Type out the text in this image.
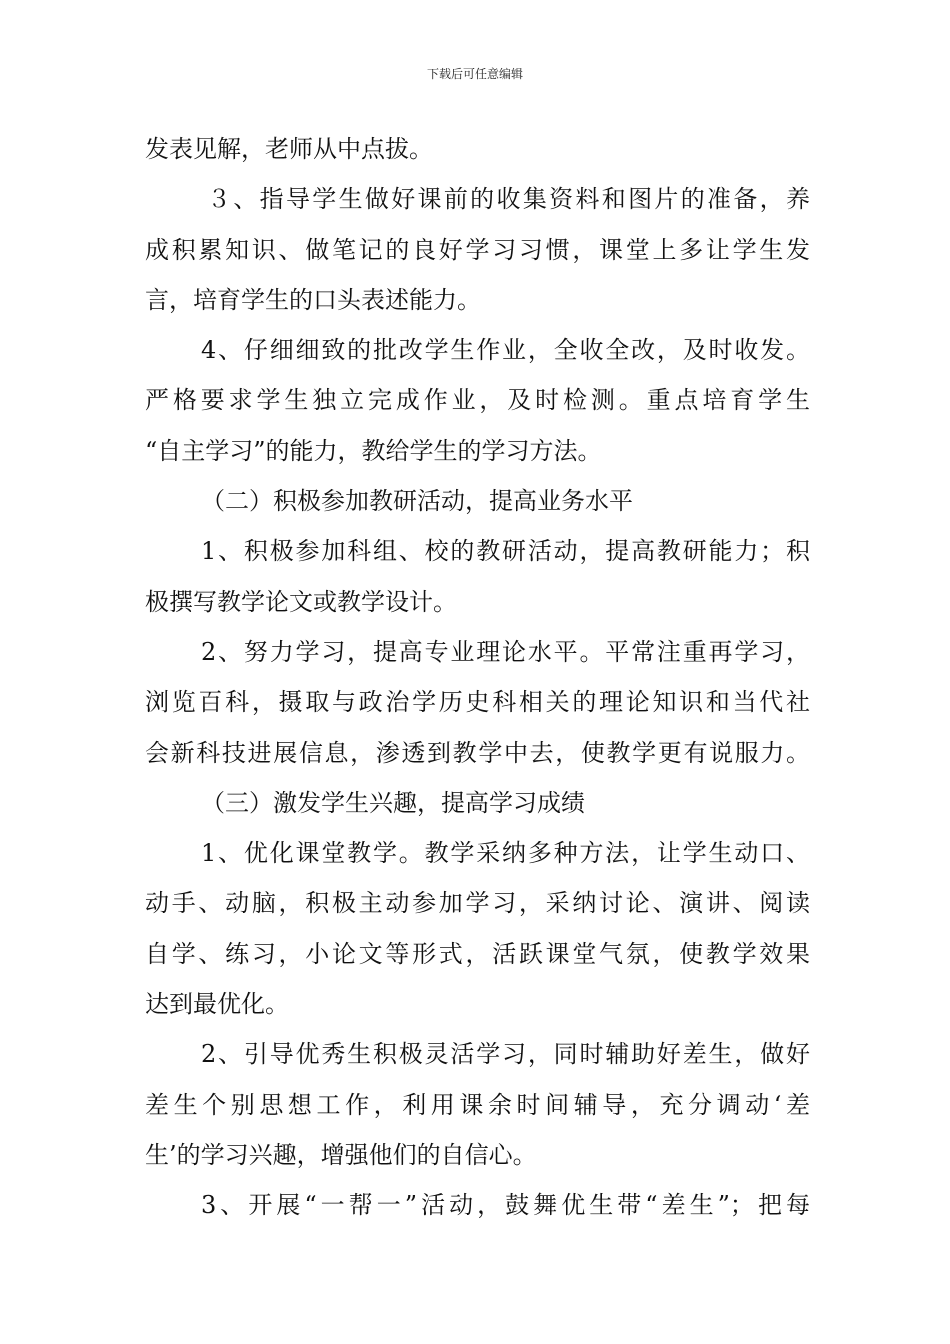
下载后可任意编辑
发表见解，老师从中点拔。
３、指导学生做好课前的收集资料和图片的准备，养
成积累知识、做笔记的良好学习习惯，课堂上多让学生发
言，培育学生的口头表述能力。
4、仔细细致的批改学生作业，全收全改，及时收发。
严格要求学生独立完成作业，及时检测。重点培育学生
“自主学习”的能力，教给学生的学习方法。
（二）积极参加教研活动，提高业务水平
1、积极参加科组、校的教研活动，提高教研能力；积
极撰写教学论文或教学设计。
2、努力学习，提高专业理论水平。平常注重再学习，
浏览百科，摄取与政治学历史科相关的理论知识和当代社
会新科技进展信息，渗透到教学中去，使教学更有说服力。
（三）激发学生兴趣，提高学习成绩
1、优化课堂教学。教学采纳多种方法，让学生动口、
动手、动脑，积极主动参加学习，采纳讨论、演讲、阅读
自学、练习，小论文等形式，活跃课堂气氛，使教学效果
达到最优化。
2、引导优秀生积极灵活学习，同时辅助好差生，做好
差生个别思想工作，利用课余时间辅导，充分调动‘差
生’的学习兴趣，增强他们的自信心。
3、开展“一帮一”活动，鼓舞优生带“差生”；把每
